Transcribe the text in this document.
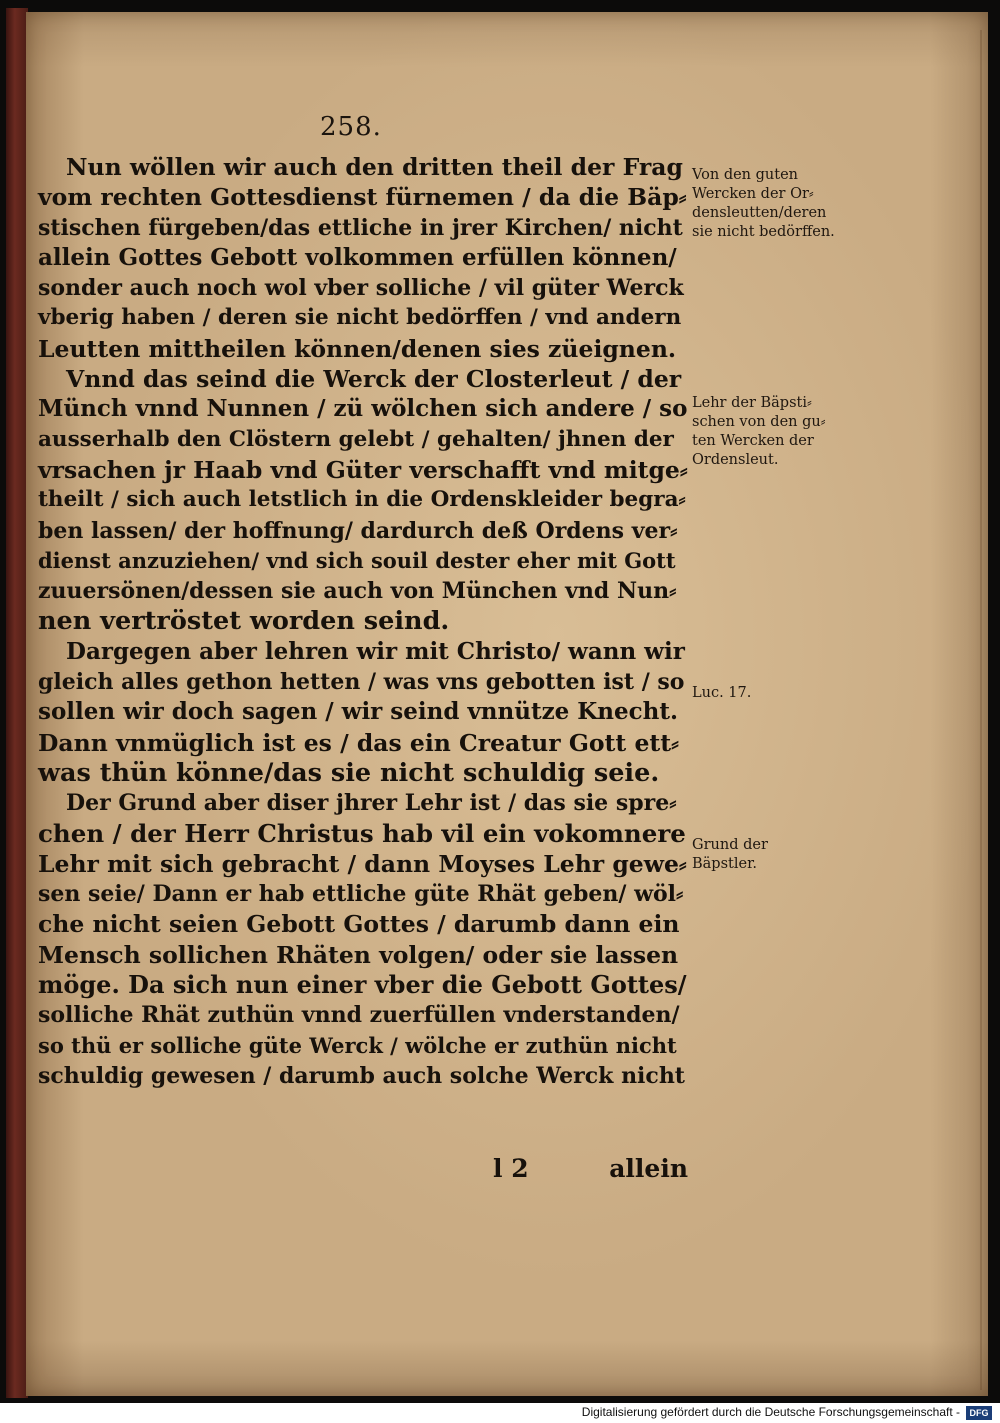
258.
Nun wöllen wir auch den dritten theil der Frag
vom rechten Gottesdienst fürnemen / da die Bäp⸗
stischen fürgeben/das ettliche in jrer Kirchen/ nicht
allein Gottes Gebott volkommen erfüllen können/
sonder auch noch wol vber solliche / vil güter Werck
vberig haben / deren sie nicht bedörffen / vnd andern
Leutten mittheilen können/denen sies züeignen.
Vnnd das seind die Werck der Closterleut / der
Münch vnnd Nunnen / zü wölchen sich andere / so
ausserhalb den Clöstern gelebt / gehalten/ jhnen der
vrsachen jr Haab vnd Güter verschafft vnd mitge⸗
theilt / sich auch letstlich in die Ordenskleider begra⸗
ben lassen/ der hoffnung/ dardurch deß Ordens ver⸗
dienst anzuziehen/ vnd sich souil dester eher mit Gott
zuuersönen/dessen sie auch von München vnd Nun⸗
nen vertröstet worden seind.
Dargegen aber lehren wir mit Christo/ wann wir
gleich alles gethon hetten / was vns gebotten ist / so
sollen wir doch sagen / wir seind vnnütze Knecht.
Dann vnmüglich ist es / das ein Creatur Gott ett⸗
was thün könne/das sie nicht schuldig seie.
Der Grund aber diser jhrer Lehr ist / das sie spre⸗
chen / der Herr Christus hab vil ein vokomnere
Lehr mit sich gebracht / dann Moyses Lehr gewe⸗
sen seie/ Dann er hab ettliche güte Rhät geben/ wöl⸗
che nicht seien Gebott Gottes / darumb dann ein
Mensch sollichen Rhäten volgen/ oder sie lassen
möge. Da sich nun einer vber die Gebott Gottes/
solliche Rhät zuthün vnnd zuerfüllen vnderstanden/
so thü er solliche güte Werck / wölche er zuthün nicht
schuldig gewesen / darumb auch solche Werck nicht
Von den guten
Wercken der Or⸗
densleutten/deren
sie nicht bedörffen.
Lehr der Bäpsti⸗
schen von den gu⸗
ten Wercken der
Ordensleut.
Luc. 17.
Grund der
Bäpstler.
l 2	allein
Digitalisierung gefördert durch die Deutsche Forschungsgemeinschaft -	DFG
